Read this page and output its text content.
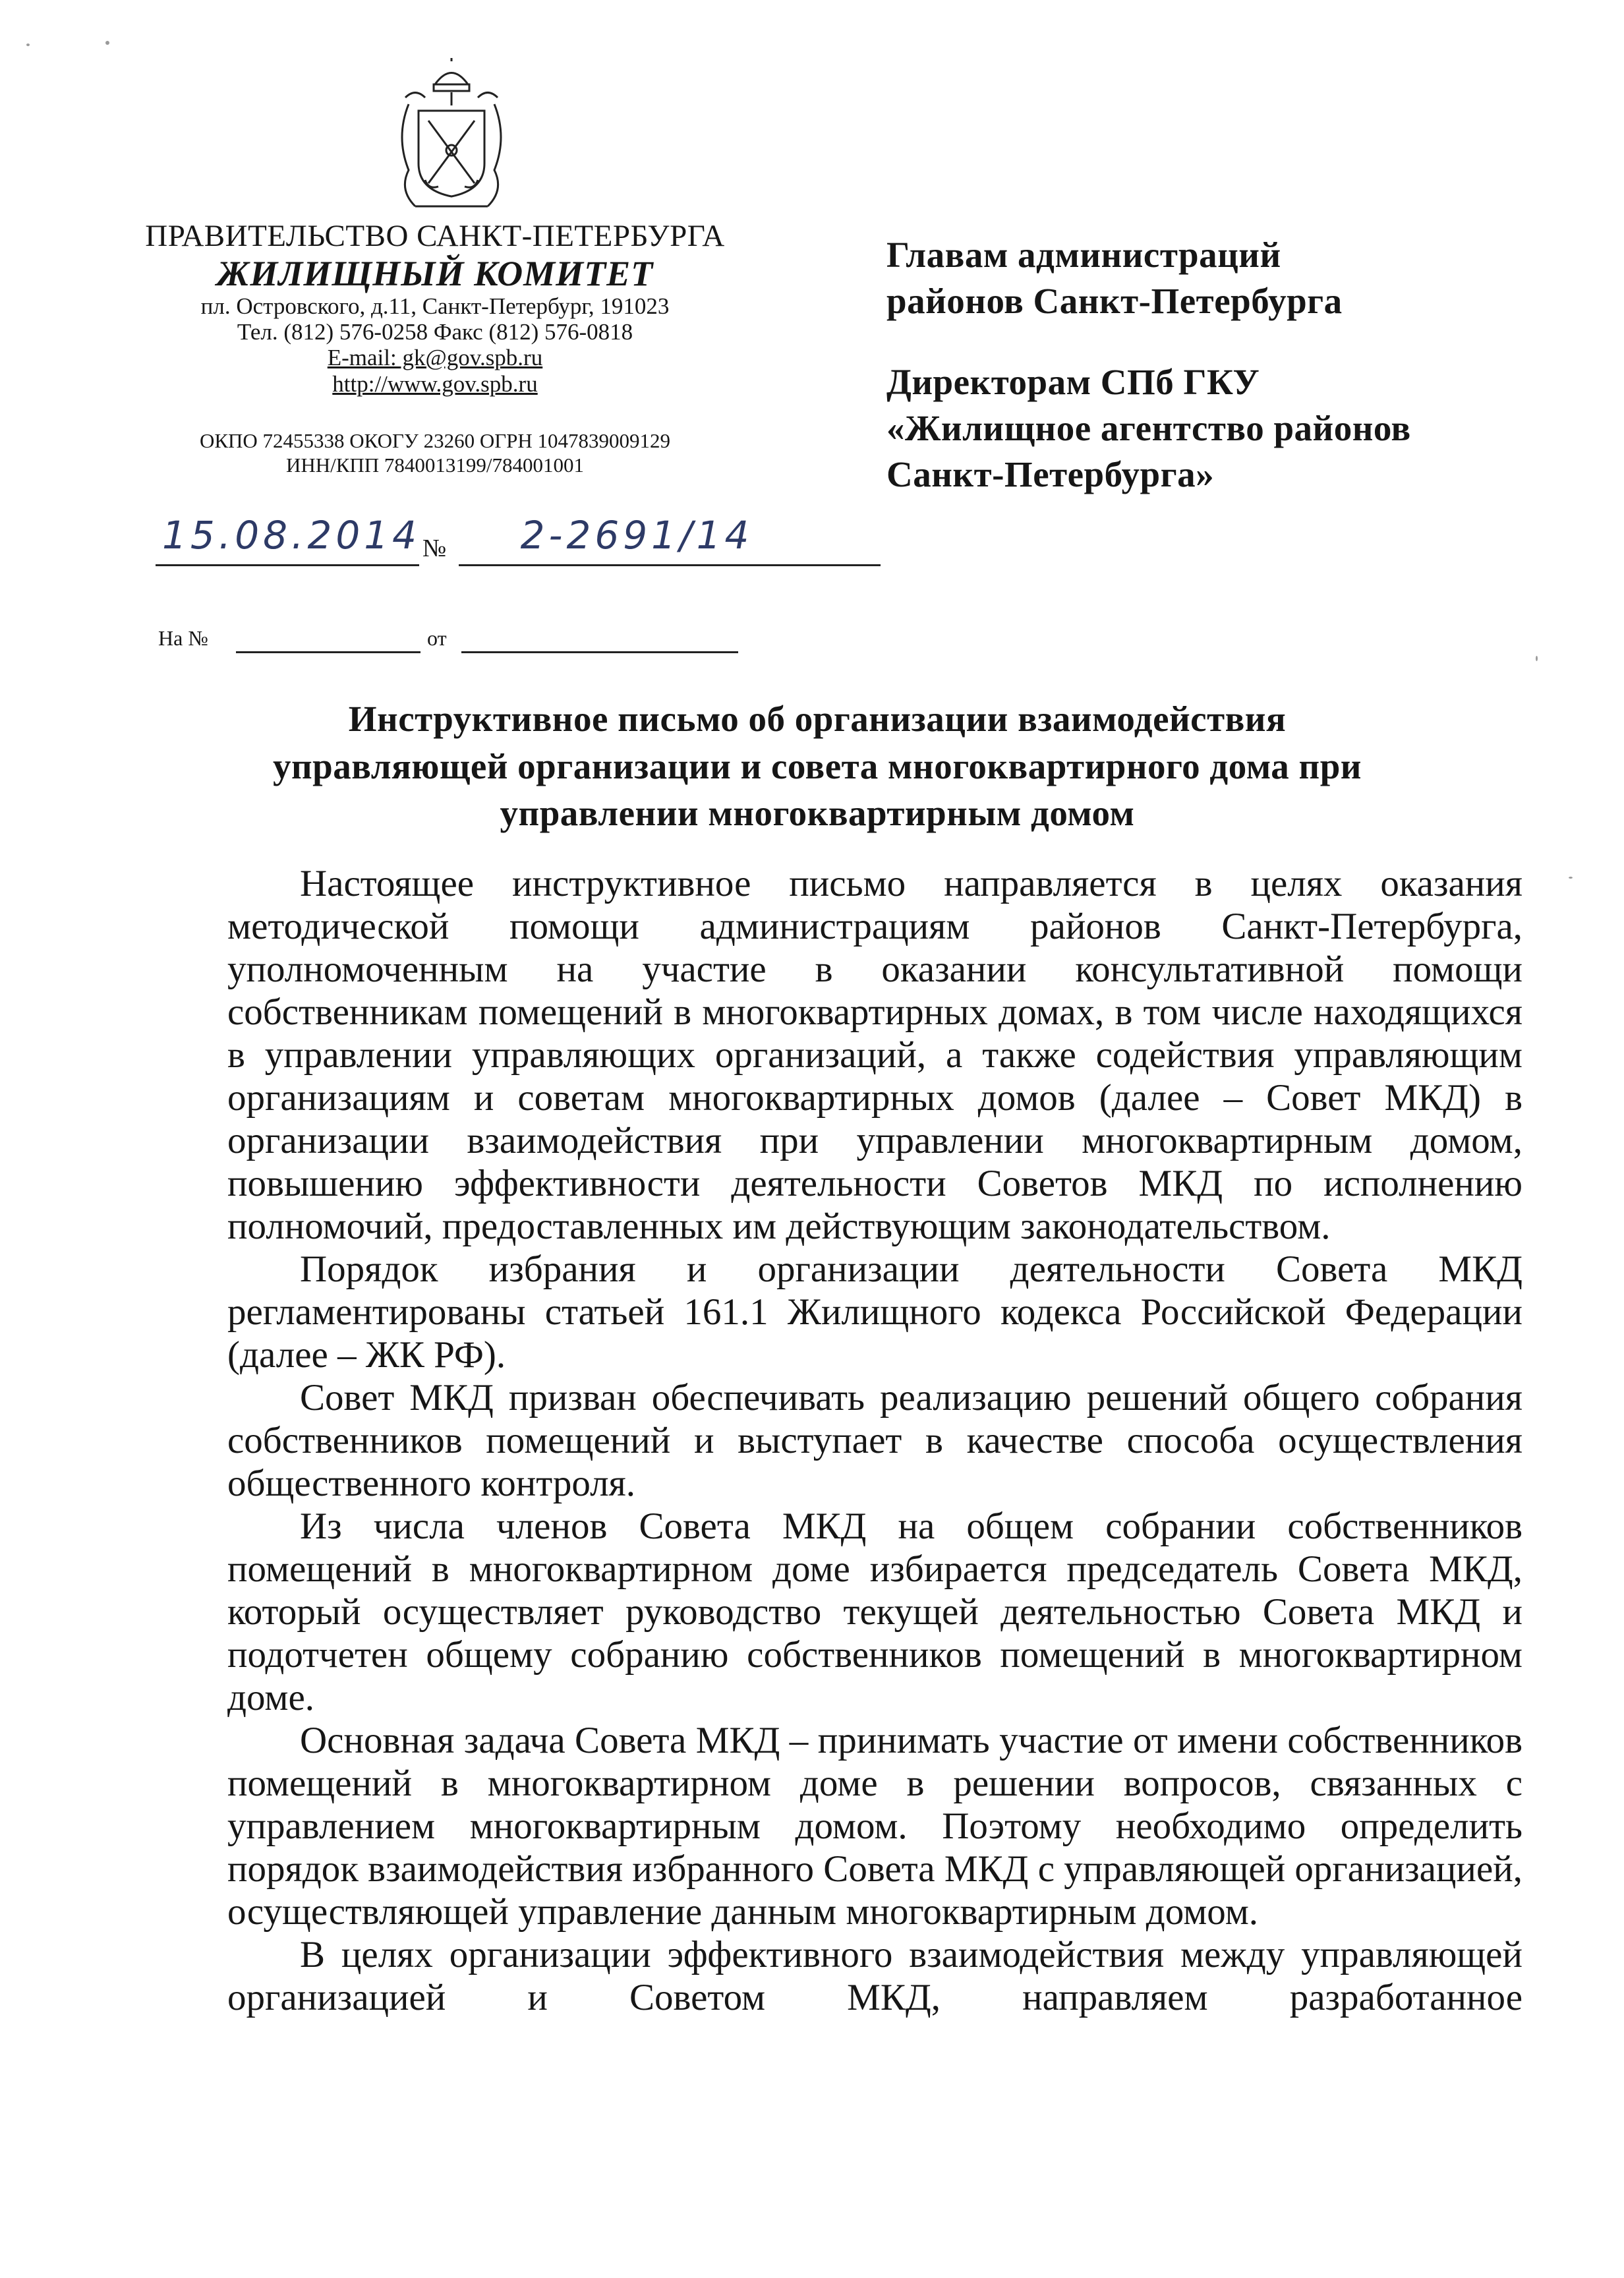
ПРАВИТЕЛЬСТВО САНКТ-ПЕТЕРБУРГА
ЖИЛИЩНЫЙ КОМИТЕТ
пл. Островского, д.11, Санкт-Петербург, 191023
Тел. (812) 576-0258 Факс (812) 576-0818
E-mail: gk@gov.spb.ru
http://www.gov.spb.ru
ОКПО 72455338 ОКОГУ 23260 ОГРН 1047839009129
ИНН/КПП 7840013199/784001001
15.08.2014 №	2-2691/14
На №	от
Главам администраций
районов Санкт-Петербурга
Директорам СПб ГКУ
«Жилищное агентство районов
Санкт-Петербурга»
Инструктивное письмо об организации взаимодействия
управляющей организации и совета многоквартирного дома при
управлении многоквартирным домом

Настоящее инструктивное письмо направляется в целях оказания методической помощи администрациям районов Санкт-Петербурга, уполномоченным на участие в оказании консультативной помощи собственникам помещений в многоквартирных домах, в том числе находящихся в управлении управляющих организаций, а также содействия управляющим организациям и советам многоквартирных домов (далее – Совет МКД) в организации взаимодействия при управлении многоквартирным домом, повышению эффективности деятельности Советов МКД по исполнению полномочий, предоставленных им действующим законодательством.

Порядок избрания и организации деятельности Совета МКД регламентированы статьей 161.1 Жилищного кодекса Российской Федерации (далее – ЖК РФ).

Совет МКД призван обеспечивать реализацию решений общего собрания собственников помещений и выступает в качестве способа осуществления общественного контроля.

Из числа членов Совета МКД на общем собрании собственников помещений в многоквартирном доме избирается председатель Совета МКД, который осуществляет руководство текущей деятельностью Совета МКД и подотчетен общему собранию собственников помещений в многоквартирном доме.

Основная задача Совета МКД – принимать участие от имени собственников помещений в многоквартирном доме в решении вопросов, связанных с управлением многоквартирным домом. Поэтому необходимо определить порядок взаимодействия избранного Совета МКД с управляющей организацией, осуществляющей управление данным многоквартирным домом.

В целях организации эффективного взаимодействия между управляющей организацией и Советом МКД, направляем разработанное
